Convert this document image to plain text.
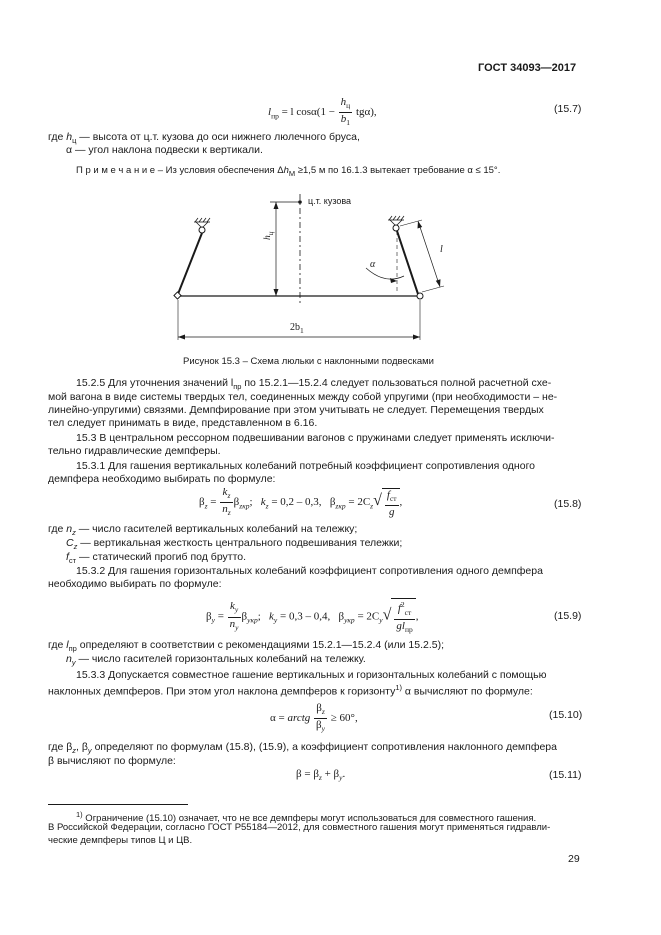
ГОСТ 34093—2017
$l_{пр} = l$ $\cos\alpha(1 - \frac{h_ц}{b_1} tg\alpha)$,	(15.7)
где $h_ц$ — высота от ц.т. кузова до оси нижнего люлечного бруса,
α — угол наклона подвески к вертикали.
П р и м е ч а н и е – Из условия обеспечения $\Delta h_М \ge 1,5$ м по 16.1.3 вытекает требование α ≤ 15°.
ц.т. кузова
$h_ц$
l
α
$2b_1$
Рисунок 15.3 – Схема люльки с наклонными подвесками
15.2.5 Для уточнения значений $l_{пр}$ по 15.2.1—15.2.4 следует пользоваться полной расчетной схе-
мой вагона в виде системы твердых тел, соединенных между собой упругими (при необходимости – не-
линейно-упругими) связями. Демпфирование при этом учитывать не следует. Перемещения твердых
тел следует принимать в виде, представленном в 6.16.
15.3 В центральном рессорном подвешивании вагонов с пружинами следует применять исключи-
тельно гидравлические демпферы.
15.3.1 Для гашения вертикальных колебаний потребный коэффициент сопротивления одного
демпфера необходимо выбирать по формуле:
$\beta_z = \frac{k_z}{n_z} \beta_{zкр}$; $k_z = 0,2 - 0,3$, $\beta_{zкр} = 2C_z√ \frac{f_{ст}}{g}$ ,	(15.8)
где $n_z$ — число гасителей вертикальных колебаний на тележку;
$C_z$ — вертикальная жесткость центрального подвешивания тележки;
$f_{ст}$ — статический прогиб под брутто.
15.3.2 Для гашения горизонтальных колебаний коэффициент сопротивления одного демпфера
необходимо выбирать по формуле:
$\beta_y = \frac{k_y}{n_y} \beta_{yкр}$; $k_y = 0,3 - 0,4$, $\beta_{yкр} = 2C_y√ \frac{f^2_{ст}}{gl_{пр}}$ ,	(15.9)
где $l_{пр}$ определяют в соответствии с рекомендациями 15.2.1—15.2.4 (или 15.2.5);
$n_y$ — число гасителей горизонтальных колебаний на тележку.
15.3.3 Допускается совместное гашение вертикальных и горизонтальных колебаний с помощью
наклонных демпферов. При этом угол наклона демпферов к горизонту$^{1)}$ α вычисляют по формуле:
α = arctg $\frac{\beta_z}{\beta_y} \ge 60^\circ$,	(15.10)
где $\beta_z$, $\beta_y$ определяют по формулам (15.8), (15.9), а коэффициент сопротивления наклонного демпфера
β вычисляют по формуле:
$\beta = \beta_z + \beta_y$.	(15.11)
$^{1)}$ Ограничение (15.10) означает, что не все демпферы могут использоваться для совместного гашения.
В Российской Федерации, согласно ГОСТ Р55184—2012, для совместного гашения могут применяться гидравли-
ческие демпферы типов Ц и ЦВ.
29
